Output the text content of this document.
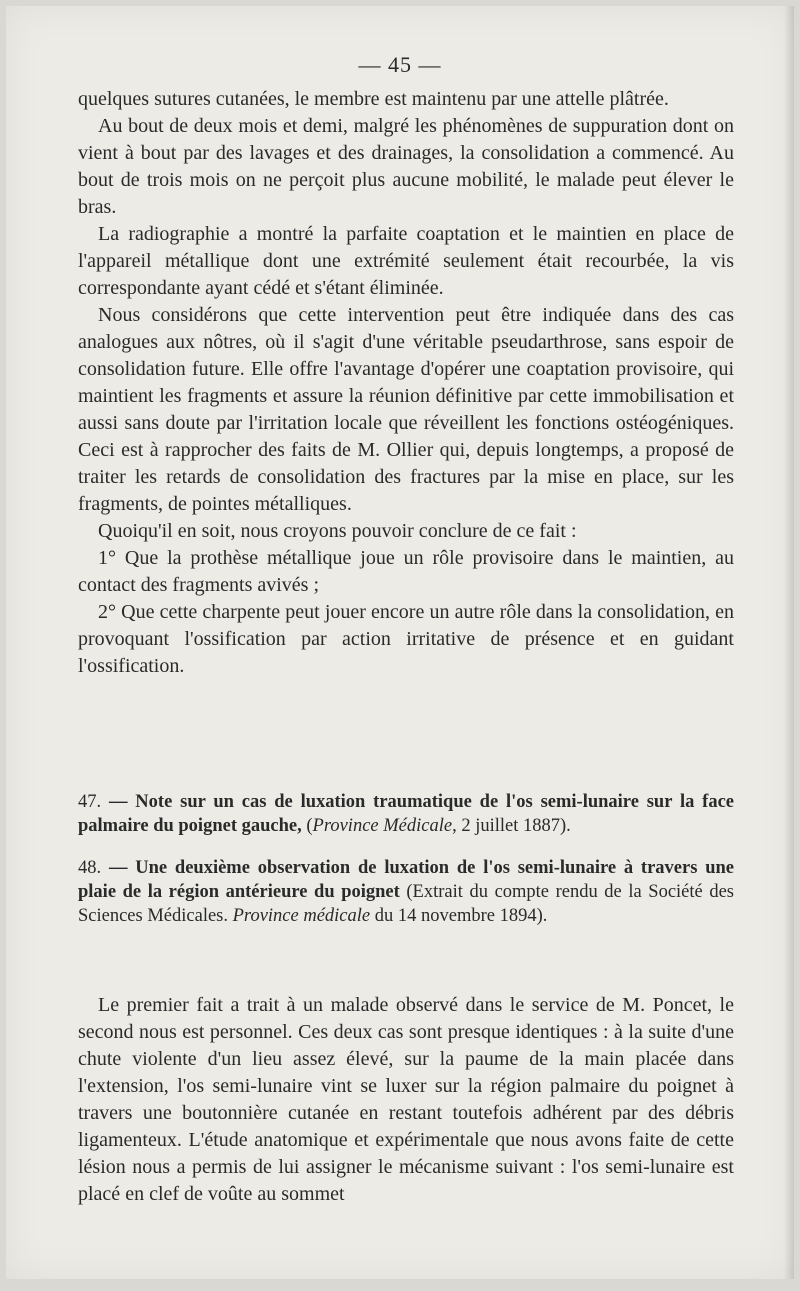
— 45 —

quelques sutures cutanées, le membre est maintenu par une attelle plâtrée.

Au bout de deux mois et demi, malgré les phénomènes de suppuration dont on vient à bout par des lavages et des drainages, la consolidation a commencé. Au bout de trois mois on ne perçoit plus aucune mobilité, le malade peut élever le bras.

La radiographie a montré la parfaite coaptation et le maintien en place de l'appareil métallique dont une extrémité seulement était recourbée, la vis correspondante ayant cédé et s'étant éliminée.

Nous considérons que cette intervention peut être indiquée dans des cas analogues aux nôtres, où il s'agit d'une véritable pseudarthrose, sans espoir de consolidation future. Elle offre l'avantage d'opérer une coaptation provisoire, qui maintient les fragments et assure la réunion définitive par cette immobilisation et aussi sans doute par l'irritation locale que réveillent les fonctions ostéogéniques. Ceci est à rapprocher des faits de M. Ollier qui, depuis longtemps, a proposé de traiter les retards de consolidation des fractures par la mise en place, sur les fragments, de pointes métalliques.

Quoiqu'il en soit, nous croyons pouvoir conclure de ce fait :

1° Que la prothèse métallique joue un rôle provisoire dans le maintien, au contact des fragments avivés ;

2° Que cette charpente peut jouer encore un autre rôle dans la consolidation, en provoquant l'ossification par action irritative de présence et en guidant l'ossification.

47. — Note sur un cas de luxation traumatique de l'os semi-lunaire sur la face palmaire du poignet gauche, (Province Médicale, 2 juillet 1887).

48. — Une deuxième observation de luxation de l'os semi-lunaire à travers une plaie de la région antérieure du poignet (Extrait du compte rendu de la Société des Sciences Médicales. Province médicale du 14 novembre 1894).

Le premier fait a trait à un malade observé dans le service de M. Poncet, le second nous est personnel. Ces deux cas sont presque identiques : à la suite d'une chute violente d'un lieu assez élevé, sur la paume de la main placée dans l'extension, l'os semi-lunaire vint se luxer sur la région palmaire du poignet à travers une boutonnière cutanée en restant toutefois adhérent par des débris ligamenteux. L'étude anatomique et expérimentale que nous avons faite de cette lésion nous a permis de lui assigner le mécanisme suivant : l'os semi-lunaire est placé en clef de voûte au sommet
